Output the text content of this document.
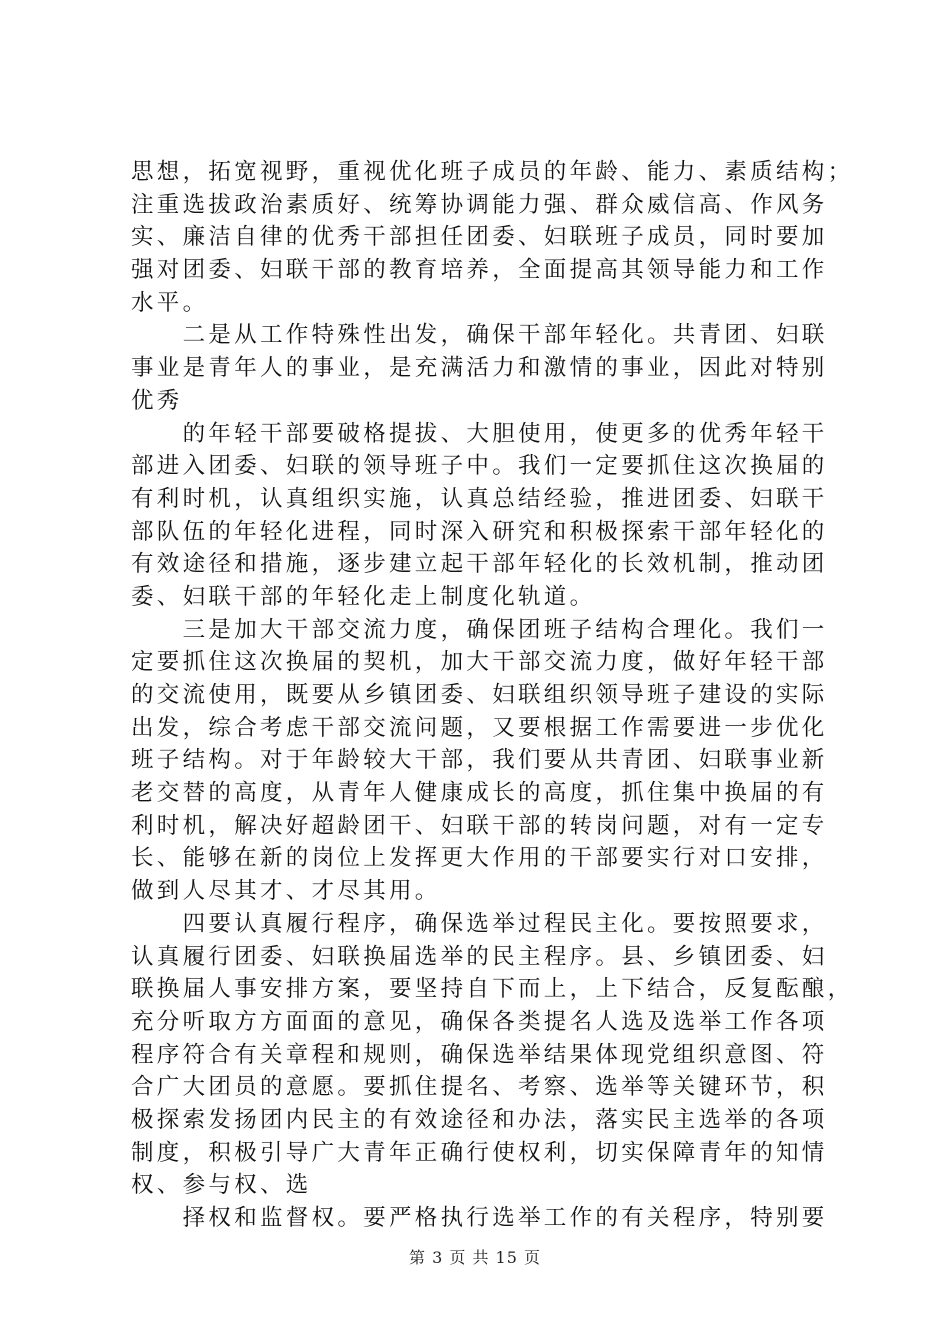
思想，拓宽视野，重视优化班子成员的年龄、能力、素质结构；
注重选拔政治素质好、统筹协调能力强、群众威信高、作风务
实、廉洁自律的优秀干部担任团委、妇联班子成员，同时要加
强对团委、妇联干部的教育培养，全面提高其领导能力和工作
水平。
　　二是从工作特殊性出发，确保干部年轻化。共青团、妇联
事业是青年人的事业，是充满活力和激情的事业，因此对特别
优秀
　　的年轻干部要破格提拔、大胆使用，使更多的优秀年轻干
部进入团委、妇联的领导班子中。我们一定要抓住这次换届的
有利时机，认真组织实施，认真总结经验，推进团委、妇联干
部队伍的年轻化进程，同时深入研究和积极探索干部年轻化的
有效途径和措施，逐步建立起干部年轻化的长效机制，推动团
委、妇联干部的年轻化走上制度化轨道。
　　三是加大干部交流力度，确保团班子结构合理化。我们一
定要抓住这次换届的契机，加大干部交流力度，做好年轻干部
的交流使用，既要从乡镇团委、妇联组织领导班子建设的实际
出发，综合考虑干部交流问题，又要根据工作需要进一步优化
班子结构。对于年龄较大干部，我们要从共青团、妇联事业新
老交替的高度，从青年人健康成长的高度，抓住集中换届的有
利时机，解决好超龄团干、妇联干部的转岗问题，对有一定专
长、能够在新的岗位上发挥更大作用的干部要实行对口安排，
做到人尽其才、才尽其用。
　　四要认真履行程序，确保选举过程民主化。要按照要求，
认真履行团委、妇联换届选举的民主程序。县、乡镇团委、妇
联换届人事安排方案，要坚持自下而上，上下结合，反复酝酿，
充分听取方方面面的意见，确保各类提名人选及选举工作各项
程序符合有关章程和规则，确保选举结果体现党组织意图、符
合广大团员的意愿。要抓住提名、考察、选举等关键环节，积
极探索发扬团内民主的有效途径和办法，落实民主选举的各项
制度，积极引导广大青年正确行使权利，切实保障青年的知情
权、参与权、选
　　择权和监督权。要严格执行选举工作的有关程序，特别要
第 3 页 共 15 页
